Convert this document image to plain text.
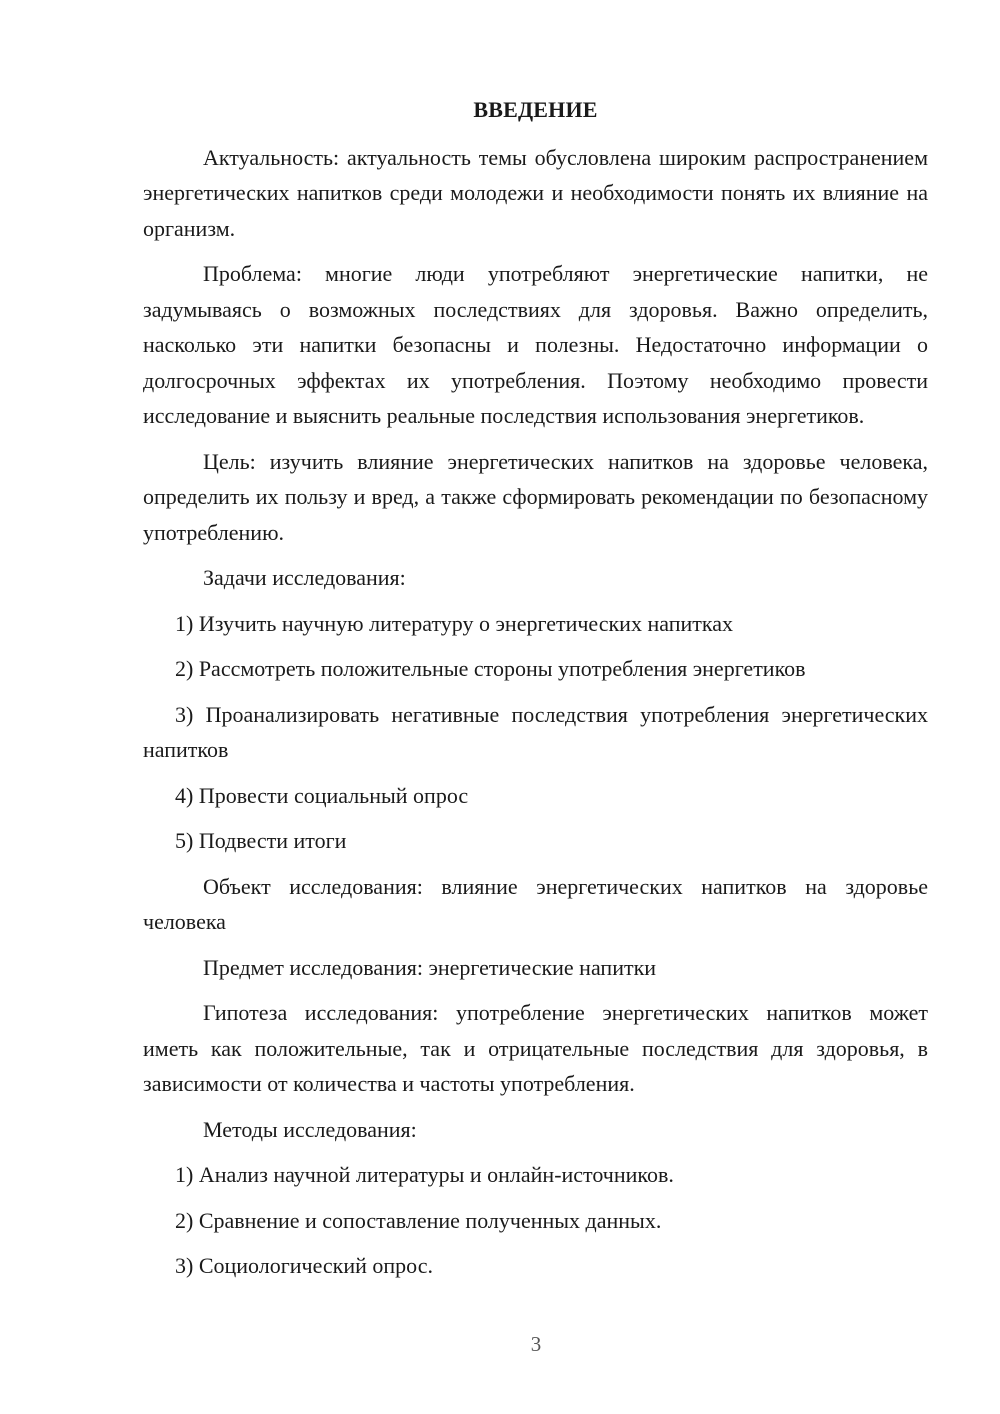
ВВЕДЕНИЕ

Актуальность: актуальность темы обусловлена широким распространением энергетических напитков среди молодежи и необходимости понять их влияние на организм.

Проблема: многие люди употребляют энергетические напитки, не задумываясь о возможных последствиях для здоровья. Важно определить, насколько эти напитки безопасны и полезны. Недостаточно информации о долгосрочных эффектах их употребления. Поэтому необходимо провести исследование и выяснить реальные последствия использования энергетиков.

Цель: изучить влияние энергетических напитков на здоровье человека, определить их пользу и вред, а также сформировать рекомендации по безопасному употреблению.

Задачи исследования:

1) Изучить научную литературу о энергетических напитках

2) Рассмотреть положительные стороны употребления энергетиков

3) Проанализировать негативные последствия употребления энергетических напитков

4) Провести социальный опрос

5) Подвести итоги

Объект исследования: влияние энергетических напитков на здоровье человека

Предмет исследования: энергетические напитки

Гипотеза исследования: употребление энергетических напитков может иметь как положительные, так и отрицательные последствия для здоровья, в зависимости от количества и частоты употребления.

Методы исследования:

1) Анализ научной литературы и онлайн-источников.

2) Сравнение и сопоставление полученных данных.

3) Социологический опрос.

3
